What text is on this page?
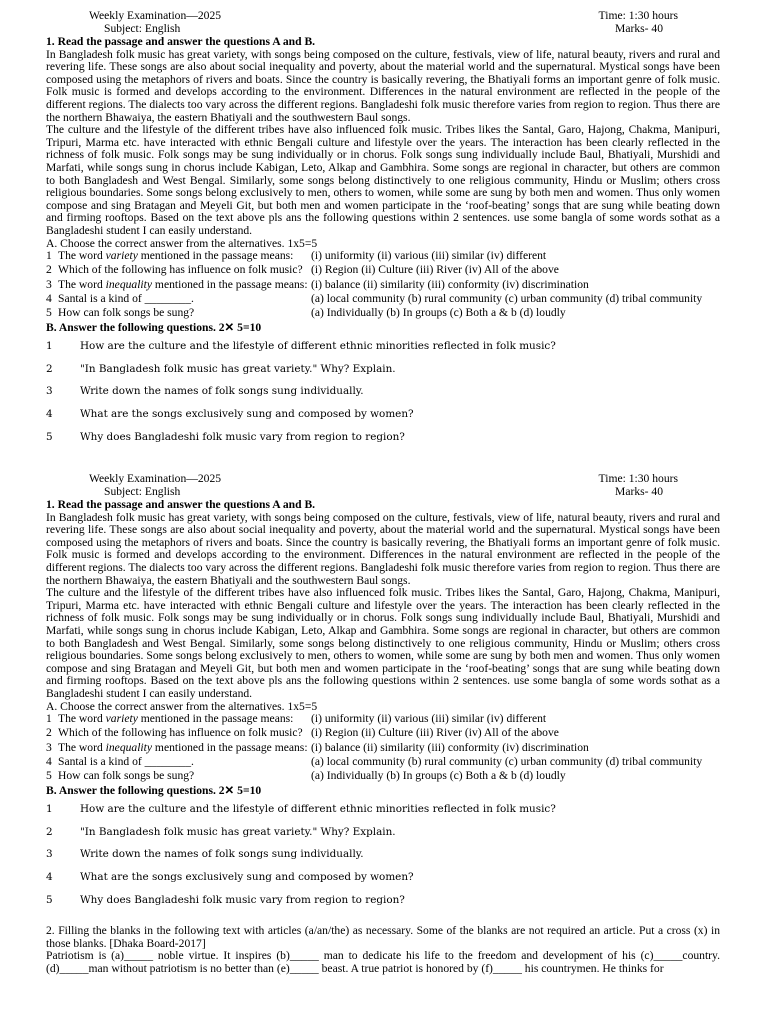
Weekly Examination—2025
Subject: English
Time: 1:30 hours
Marks- 40
1. Read the passage and answer the questions A and B.

In Bangladesh folk music has great variety, with songs being composed on the culture, festivals, view of life, natural beauty, rivers and rural and revering life. These songs are also about social inequality and poverty, about the material world and the supernatural. Mystical songs have been composed using the metaphors of rivers and boats. Since the country is basically revering, the Bhatiyali forms an important genre of folk music. Folk music is formed and develops according to the environment. Differences in the natural environment are reflected in the people of the different regions. The dialects too vary across the different regions. Bangladeshi folk music therefore varies from region to region. Thus there are the northern Bhawaiya, the eastern Bhatiyali and the southwestern Baul songs.

The culture and the lifestyle of the different tribes have also influenced folk music. Tribes likes the Santal, Garo, Hajong, Chakma, Manipuri, Tripuri, Marma etc. have interacted with ethnic Bengali culture and lifestyle over the years. The interaction has been clearly reflected in the richness of folk music. Folk songs may be sung individually or in chorus. Folk songs sung individually include Baul, Bhatiyali, Murshidi and Marfati, while songs sung in chorus include Kabigan, Leto, Alkap and Gambhira. Some songs are regional in character, but others are common to both Bangladesh and West Bengal. Similarly, some songs belong distinctively to one religious community, Hindu or Muslim; others cross religious boundaries. Some songs belong exclusively to men, others to women, while some are sung by both men and women. Thus only women compose and sing Bratagan and Meyeli Git, but both men and women participate in the ‘roof-beating’ songs that are sung while beating down and firming rooftops. Based on the text above pls ans the following questions within 2 sentences. use some bangla of some words sothat as a Bangladeshi student I can easily understand.

A. Choose the correct answer from the alternatives. 1x5=5
1 The word variety mentioned in the passage means:	(i) uniformity (ii) various (iii) similar (iv) different
2 Which of the following has influence on folk music? (i) Region (ii) Culture (iii) River (iv) All of the above
3 The word inequality mentioned in the passage means: (i) balance (ii) similarity (iii) conformity (iv) discrimination
4 Santal is a kind of ________.	(a) local community (b) rural community (c) urban community (d) tribal community
5 How can folk songs be sung?	(a) Individually (b) In groups (c) Both a & b (d) loudly
B. Answer the following questions. 2✕ 5=10
1	How are the culture and the lifestyle of different ethnic minorities reflected in folk music?
2	"In Bangladesh folk music has great variety." Why? Explain.
3	Write down the names of folk songs sung individually.
4	What are the songs exclusively sung and composed by women?
5	Why does Bangladeshi folk music vary from region to region?
Weekly Examination—2025
Subject: English
Time: 1:30 hours
Marks- 40
1. Read the passage and answer the questions A and B.

In Bangladesh folk music has great variety, with songs being composed on the culture, festivals, view of life, natural beauty, rivers and rural and revering life. These songs are also about social inequality and poverty, about the material world and the supernatural. Mystical songs have been composed using the metaphors of rivers and boats. Since the country is basically revering, the Bhatiyali forms an important genre of folk music. Folk music is formed and develops according to the environment. Differences in the natural environment are reflected in the people of the different regions. The dialects too vary across the different regions. Bangladeshi folk music therefore varies from region to region. Thus there are the northern Bhawaiya, the eastern Bhatiyali and the southwestern Baul songs.

The culture and the lifestyle of the different tribes have also influenced folk music. Tribes likes the Santal, Garo, Hajong, Chakma, Manipuri, Tripuri, Marma etc. have interacted with ethnic Bengali culture and lifestyle over the years. The interaction has been clearly reflected in the richness of folk music. Folk songs may be sung individually or in chorus. Folk songs sung individually include Baul, Bhatiyali, Murshidi and Marfati, while songs sung in chorus include Kabigan, Leto, Alkap and Gambhira. Some songs are regional in character, but others are common to both Bangladesh and West Bengal. Similarly, some songs belong distinctively to one religious community, Hindu or Muslim; others cross religious boundaries. Some songs belong exclusively to men, others to women, while some are sung by both men and women. Thus only women compose and sing Bratagan and Meyeli Git, but both men and women participate in the ‘roof-beating’ songs that are sung while beating down and firming rooftops. Based on the text above pls ans the following questions within 2 sentences. use some bangla of some words sothat as a Bangladeshi student I can easily understand.

A. Choose the correct answer from the alternatives. 1x5=5
1 The word variety mentioned in the passage means:	(i) uniformity (ii) various (iii) similar (iv) different
2 Which of the following has influence on folk music? (i) Region (ii) Culture (iii) River (iv) All of the above
3 The word inequality mentioned in the passage means: (i) balance (ii) similarity (iii) conformity (iv) discrimination
4 Santal is a kind of ________.	(a) local community (b) rural community (c) urban community (d) tribal community
5 How can folk songs be sung?	(a) Individually (b) In groups (c) Both a & b (d) loudly
B. Answer the following questions. 2✕ 5=10
1	How are the culture and the lifestyle of different ethnic minorities reflected in folk music?
2	"In Bangladesh folk music has great variety." Why? Explain.
3	Write down the names of folk songs sung individually.
4	What are the songs exclusively sung and composed by women?
5	Why does Bangladeshi folk music vary from region to region?

2. Filling the blanks in the following text with articles (a/an/the) as necessary. Some of the blanks are not required an article. Put a cross (x) in those blanks. [Dhaka Board-2017]

Patriotism is (a)_____ noble virtue. It inspires (b)_____ man to dedicate his life to the freedom and development of his (c)_____country. (d)_____man without patriotism is no better than (e)_____ beast. A true patriot is honored by (f)_____ his countrymen. He thinks for
